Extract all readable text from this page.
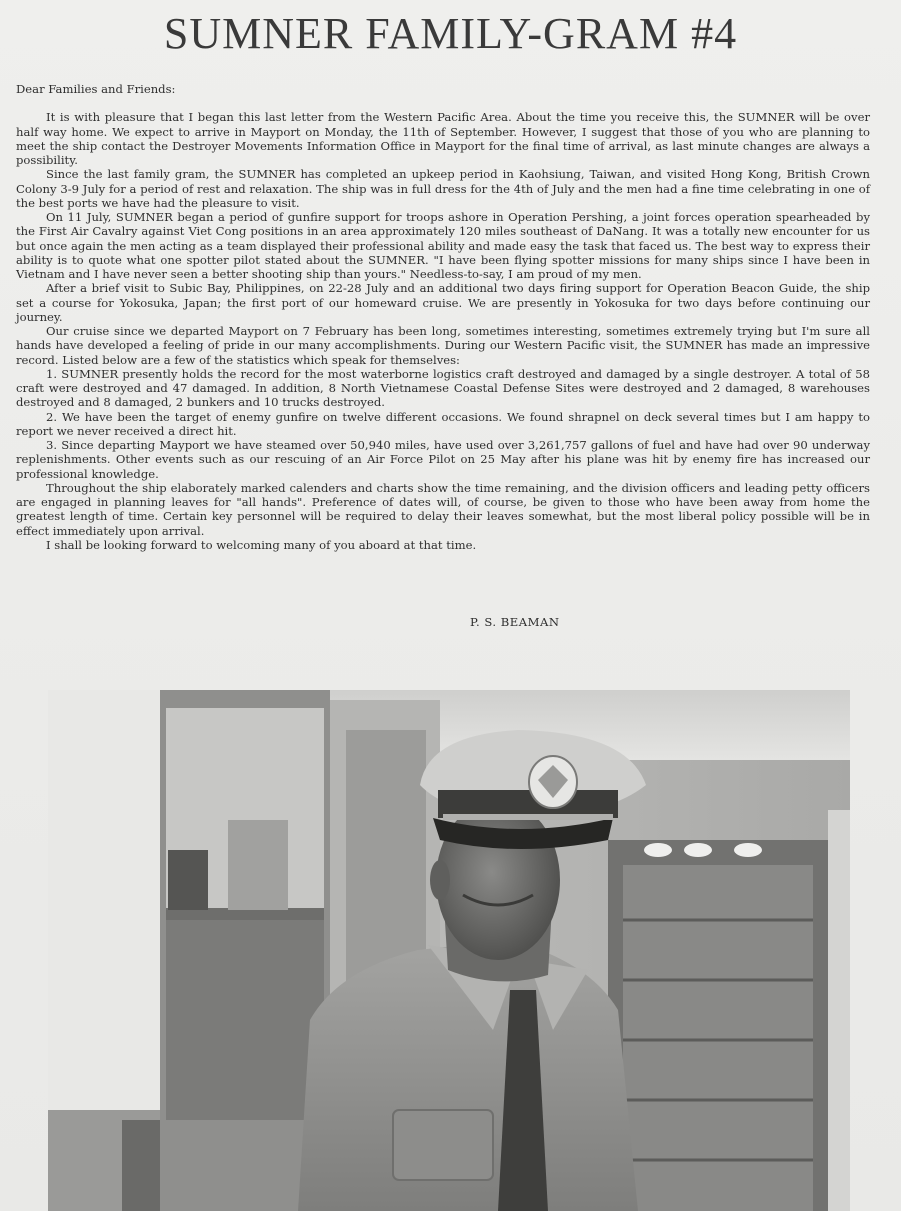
SUMNER FAMILY-GRAM #4

Dear Families and Friends:

It is with pleasure that I began this last letter from the Western Pacific Area. About the time you receive this, the SUMNER will be over half way home. We expect to arrive in Mayport on Monday, the 11th of September. However, I suggest that those of you who are planning to meet the ship contact the Destroyer Movements Information Office in Mayport for the final time of arrival, as last minute changes are always a possibility.

Since the last family gram, the SUMNER has completed an upkeep period in Kaohsiung, Taiwan, and visited Hong Kong, British Crown Colony 3-9 July for a period of rest and relaxation. The ship was in full dress for the 4th of July and the men had a fine time celebrating in one of the best ports we have had the pleasure to visit.

On 11 July, SUMNER began a period of gunfire support for troops ashore in Operation Pershing, a joint forces operation spearheaded by the First Air Cavalry against Viet Cong positions in an area approximately 120 miles southeast of DaNang. It was a totally new encounter for us but once again the men acting as a team displayed their professional ability and made easy the task that faced us. The best way to express their ability is to quote what one spotter pilot stated about the SUMNER. "I have been flying spotter missions for many ships since I have been in Vietnam and I have never seen a better shooting ship than yours." Needless-to-say, I am proud of my men.

After a brief visit to Subic Bay, Philippines, on 22-28 July and an additional two days firing support for Operation Beacon Guide, the ship set a course for Yokosuka, Japan; the first port of our homeward cruise. We are presently in Yokosuka for two days before continuing our journey.

Our cruise since we departed Mayport on 7 February has been long, sometimes interesting, sometimes extremely trying but I'm sure all hands have developed a feeling of pride in our many accomplishments. During our Western Pacific visit, the SUMNER has made an impressive record. Listed below are a few of the statistics which speak for themselves:

1. SUMNER presently holds the record for the most waterborne logistics craft destroyed and damaged by a single destroyer. A total of 58 craft were destroyed and 47 damaged. In addition, 8 North Vietnamese Coastal Defense Sites were destroyed and 2 damaged, 8 warehouses destroyed and 8 damaged, 2 bunkers and 10 trucks destroyed.

2. We have been the target of enemy gunfire on twelve different occasions. We found shrapnel on deck several times but I am happy to report we never received a direct hit.

3. Since departing Mayport we have steamed over 50,940 miles, have used over 3,261,757 gallons of fuel and have had over 90 underway replenishments. Other events such as our rescuing of an Air Force Pilot on 25 May after his plane was hit by enemy fire has increased our professional knowledge.

Throughout the ship elaborately marked calenders and charts show the time remaining, and the division officers and leading petty officers are engaged in planning leaves for "all hands". Preference of dates will, of course, be given to those who have been away from home the greatest length of time. Certain key personnel will be required to delay their leaves somewhat, but the most liberal policy possible will be in effect immediately upon arrival.

I shall be looking forward to welcoming many of you aboard at that time.

P. S. BEAMAN
